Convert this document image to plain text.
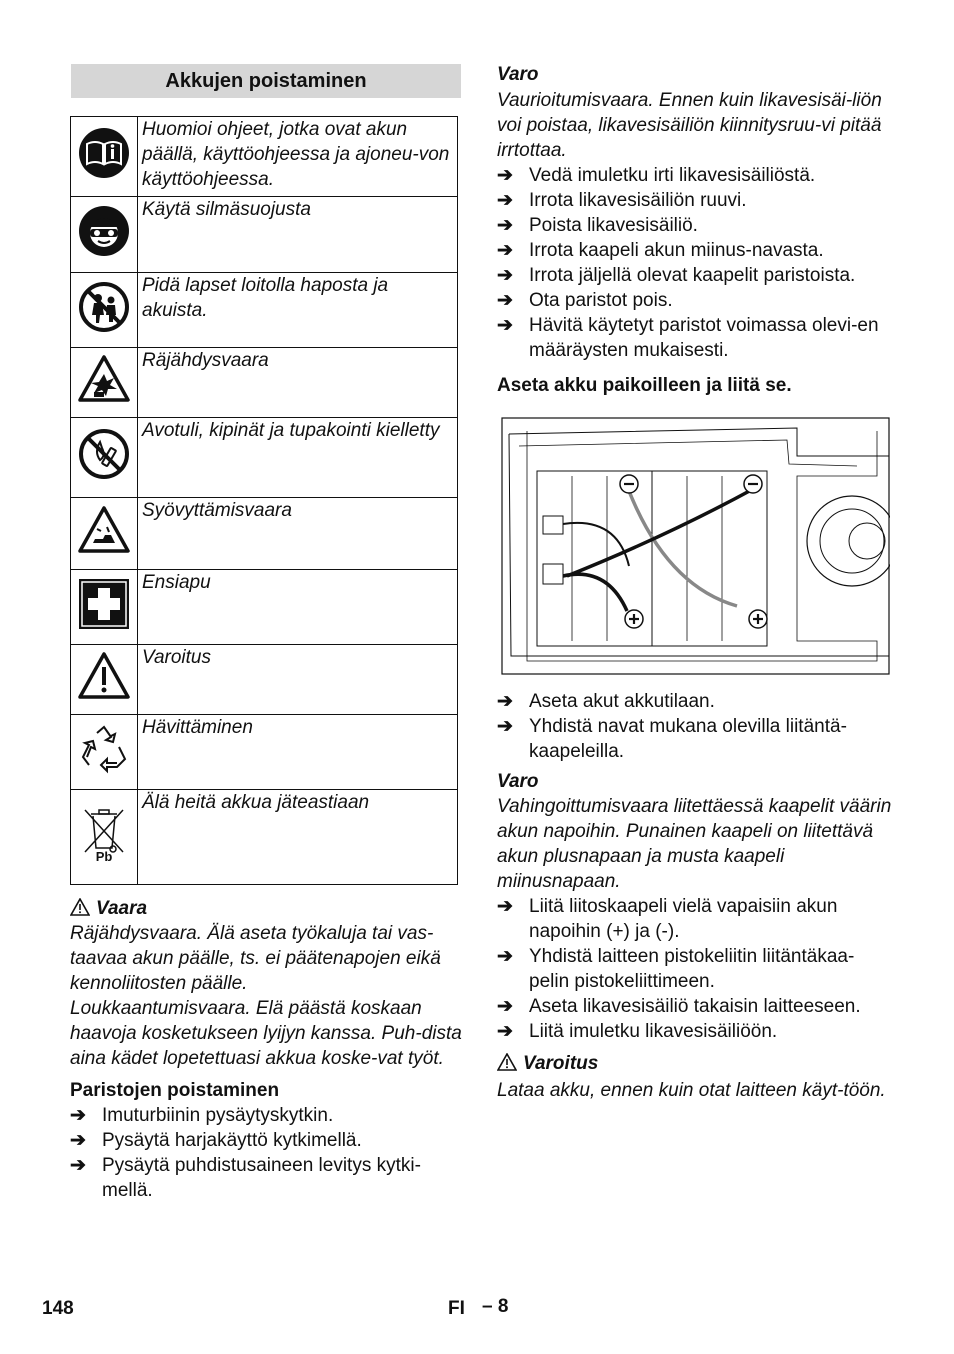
Akkujen poistaminen
	Huomioi ohjeet, jotka ovat akun päällä, käyttöohjeessa ja ajoneu-von käyttöohjeessa.
	Käytä silmäsuojusta
	Pidä lapset loitolla haposta ja akuista.
	Räjähdysvaara
	Avotuli, kipinät ja tupakointi kielletty
	Syövyttämisvaara
	Ensiapu
	Varoitus
	Hävittäminen

Pb	Älä heitä akkua jäteastiaan
Vaara

Räjähdysvaara. Älä aseta työkaluja tai vas-taavaa akun päälle, ts. ei päätenapojen eikä kennoliitosten päälle.

Loukkaantumisvaara. Elä päästä koskaan haavoja kosketukseen lyijyn kanssa. Puh-dista aina kädet lopetettuasi akkua koske-vat työt.

Paristojen poistaminen
➔ Imuturbiinin pysäytyskytkin.
➔ Pysäytä harjakäyttö kytkimellä.
➔ Pysäytä puhdistusaineen levitys kytki-mellä.
Varo

Vaurioitumisvaara. Ennen kuin likavesisäi-liön voi poistaa, likavesisäiliön kiinnitysruu-vi pitää irrtottaa.

➔ Vedä imuletku irti likavesisäiliöstä.
➔ Irrota likavesisäiliön ruuvi.
➔ Poista likavesisäiliö.
➔ Irrota kaapeli akun miinus-navasta.
➔ Irrota jäljellä olevat kaapelit paristoista.
➔ Ota paristot pois.
➔ Hävitä käytetyt paristot voimassa olevi-en määräysten mukaisesti.
Aseta akku paikoilleen ja liitä se.
➔ Aseta akut akkutilaan.
➔ Yhdistä navat mukana olevilla liitäntä-kaapeleilla.
Varo

Vahingoittumisvaara liitettäessä kaapelit väärin akun napoihin. Punainen kaapeli on liitettävä akun plusnapaan ja musta kaapeli miinusnapaan.

➔ Liitä liitoskaapeli vielä vapaisiin akun napoihin (+) ja (-).
➔ Yhdistä laitteen pistokeliitin liitäntäkaa-pelin pistokeliittimeen.
➔ Aseta likavesisäiliö takaisin laitteeseen.
➔ Liitä imuletku likavesisäiliöön.
Varoitus

Lataa akku, ennen kuin otat laitteen käyt-töön.

148	FI – 8
